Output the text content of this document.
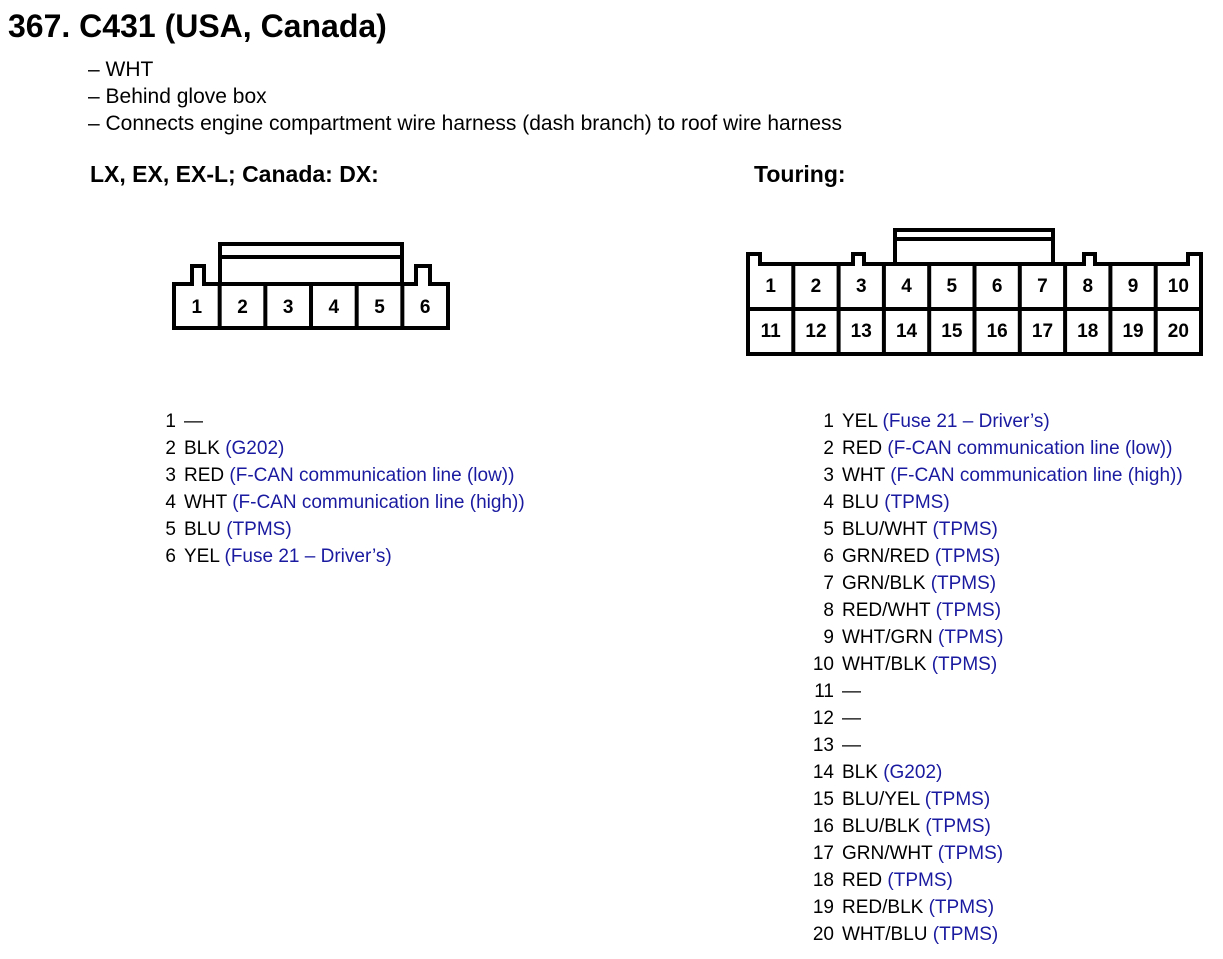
367. C431 (USA, Canada)
– WHT
– Behind glove box
– Connects engine compartment wire harness (dash branch) to roof wire harness
LX, EX, EX-L; Canada: DX:	Touring:
1 2 3 4 5 6
1 2 3 4 5 6 7 8 9 10
11 12 13 14 15 16 17 18 19 20
1 —
2 BLK (G202)
3 RED (F-CAN communication line (low))
4 WHT (F-CAN communication line (high))
5 BLU (TPMS)
6 YEL (Fuse 21 – Driver’s)
1 YEL (Fuse 21 – Driver’s)
2 RED (F-CAN communication line (low))
3 WHT (F-CAN communication line (high))
4 BLU (TPMS)
5 BLU/WHT (TPMS)
6 GRN/RED (TPMS)
7 GRN/BLK (TPMS)
8 RED/WHT (TPMS)
9 WHT/GRN (TPMS)
10 WHT/BLK (TPMS)
11 —
12 —
13 —
14 BLK (G202)
15 BLU/YEL (TPMS)
16 BLU/BLK (TPMS)
17 GRN/WHT (TPMS)
18 RED (TPMS)
19 RED/BLK (TPMS)
20 WHT/BLU (TPMS)
